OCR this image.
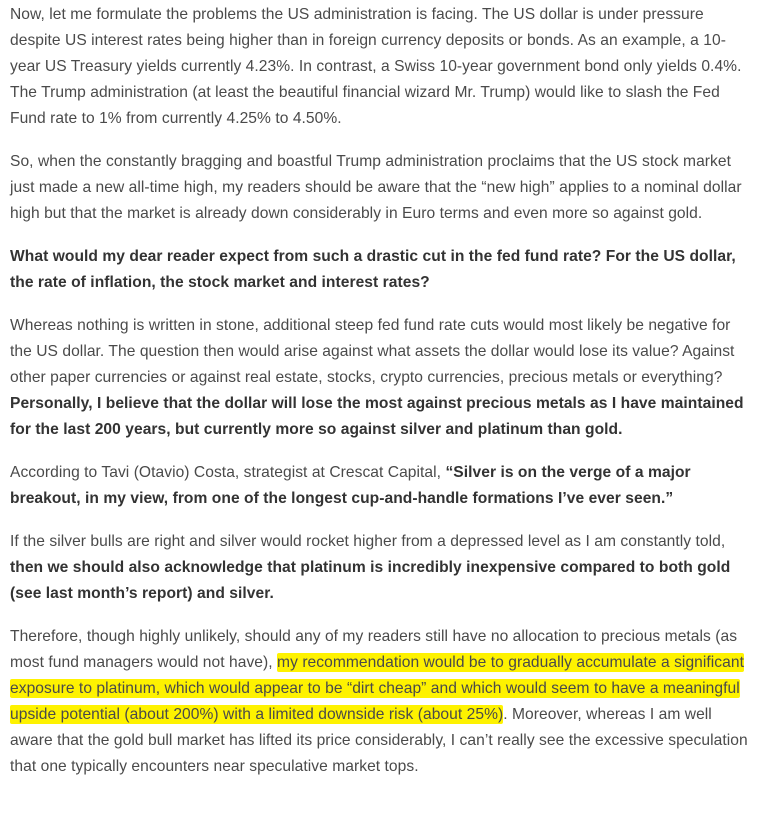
Now, let me formulate the problems the US administration is facing. The US dollar is under pressure despite US interest rates being higher than in foreign currency deposits or bonds. As an example, a 10-year US Treasury yields currently 4.23%. In contrast, a Swiss 10-year government bond only yields 0.4%. The Trump administration (at least the beautiful financial wizard Mr. Trump) would like to slash the Fed Fund rate to 1% from currently 4.25% to 4.50%.

So, when the constantly bragging and boastful Trump administration proclaims that the US stock market just made a new all-time high, my readers should be aware that the “new high” applies to a nominal dollar high but that the market is already down considerably in Euro terms and even more so against gold.

What would my dear reader expect from such a drastic cut in the fed fund rate? For the US dollar, the rate of inflation, the stock market and interest rates?

Whereas nothing is written in stone, additional steep fed fund rate cuts would most likely be negative for the US dollar. The question then would arise against what assets the dollar would lose its value? Against other paper currencies or against real estate, stocks, crypto currencies, precious metals or everything? Personally, I believe that the dollar will lose the most against precious metals as I have maintained for the last 200 years, but currently more so against silver and platinum than gold.

According to Tavi (Otavio) Costa, strategist at Crescat Capital, “Silver is on the verge of a major breakout, in my view, from one of the longest cup-and-handle formations I’ve ever seen.”

If the silver bulls are right and silver would rocket higher from a depressed level as I am constantly told, then we should also acknowledge that platinum is incredibly inexpensive compared to both gold (see last month’s report) and silver.

Therefore, though highly unlikely, should any of my readers still have no allocation to precious metals (as most fund managers would not have), my recommendation would be to gradually accumulate a significant exposure to platinum, which would appear to be “dirt cheap” and which would seem to have a meaningful upside potential (about 200%) with a limited downside risk (about 25%). Moreover, whereas I am well aware that the gold bull market has lifted its price considerably, I can’t really see the excessive speculation that one typically encounters near speculative market tops.
